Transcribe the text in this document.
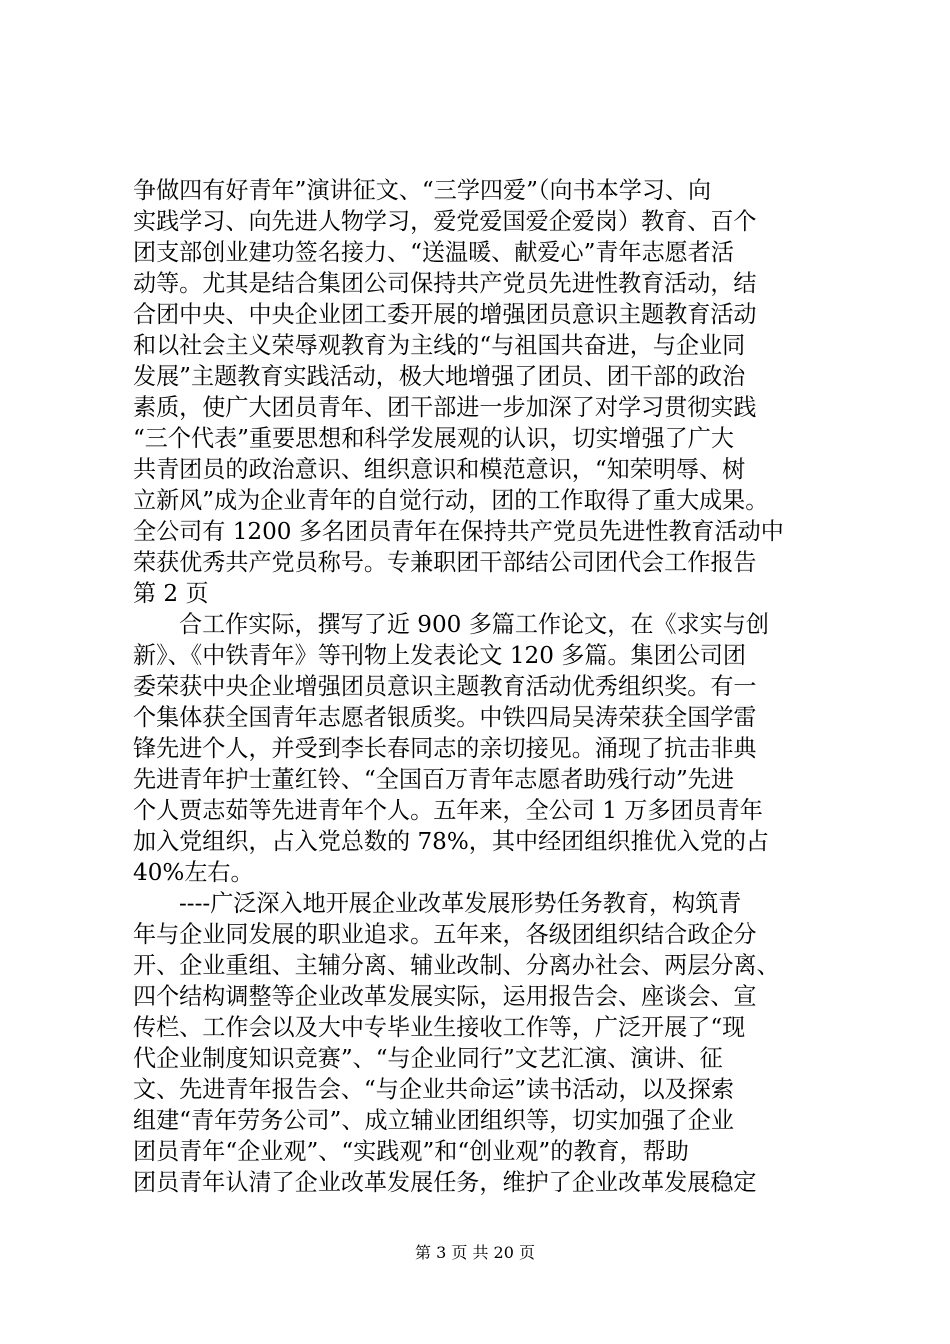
争做四有好青年”演讲征文、“三学四爱”（向书本学习、向
实践学习、向先进人物学习，爱党爱国爱企爱岗）教育、百个
团支部创业建功签名接力、“送温暖、献爱心”青年志愿者活
动等。尤其是结合集团公司保持共产党员先进性教育活动，结
合团中央、中央企业团工委开展的增强团员意识主题教育活动
和以社会主义荣辱观教育为主线的“与祖国共奋进，与企业同
发展”主题教育实践活动，极大地增强了团员、团干部的政治
素质，使广大团员青年、团干部进一步加深了对学习贯彻实践
“三个代表”重要思想和科学发展观的认识，切实增强了广大
共青团员的政治意识、组织意识和模范意识，“知荣明辱、树
立新风”成为企业青年的自觉行动，团的工作取得了重大成果。
全公司有 1200 多名团员青年在保持共产党员先进性教育活动中
荣获优秀共产党员称号。专兼职团干部结公司团代会工作报告
第 2 页
合工作实际，撰写了近 900 多篇工作论文，在《求实与创
新》、《中铁青年》等刊物上发表论文 120 多篇。集团公司团
委荣获中央企业增强团员意识主题教育活动优秀组织奖。有一
个集体获全国青年志愿者银质奖。中铁四局吴涛荣获全国学雷
锋先进个人，并受到李长春同志的亲切接见。涌现了抗击非典
先进青年护士董红铃、“全国百万青年志愿者助残行动”先进
个人贾志茹等先进青年个人。五年来，全公司 1 万多团员青年
加入党组织，占入党总数的 78%，其中经团组织推优入党的占
40%左右。
----广泛深入地开展企业改革发展形势任务教育，构筑青
年与企业同发展的职业追求。五年来，各级团组织结合政企分
开、企业重组、主辅分离、辅业改制、分离办社会、两层分离、
四个结构调整等企业改革发展实际，运用报告会、座谈会、宣
传栏、工作会以及大中专毕业生接收工作等，广泛开展了“现
代企业制度知识竞赛”、“与企业同行”文艺汇演、演讲、征
文、先进青年报告会、“与企业共命运”读书活动，以及探索
组建“青年劳务公司”、成立辅业团组织等，切实加强了企业
团员青年“企业观”、“实践观”和“创业观”的教育，帮助
团员青年认清了企业改革发展任务，维护了企业改革发展稳定
第 3 页 共 20 页
